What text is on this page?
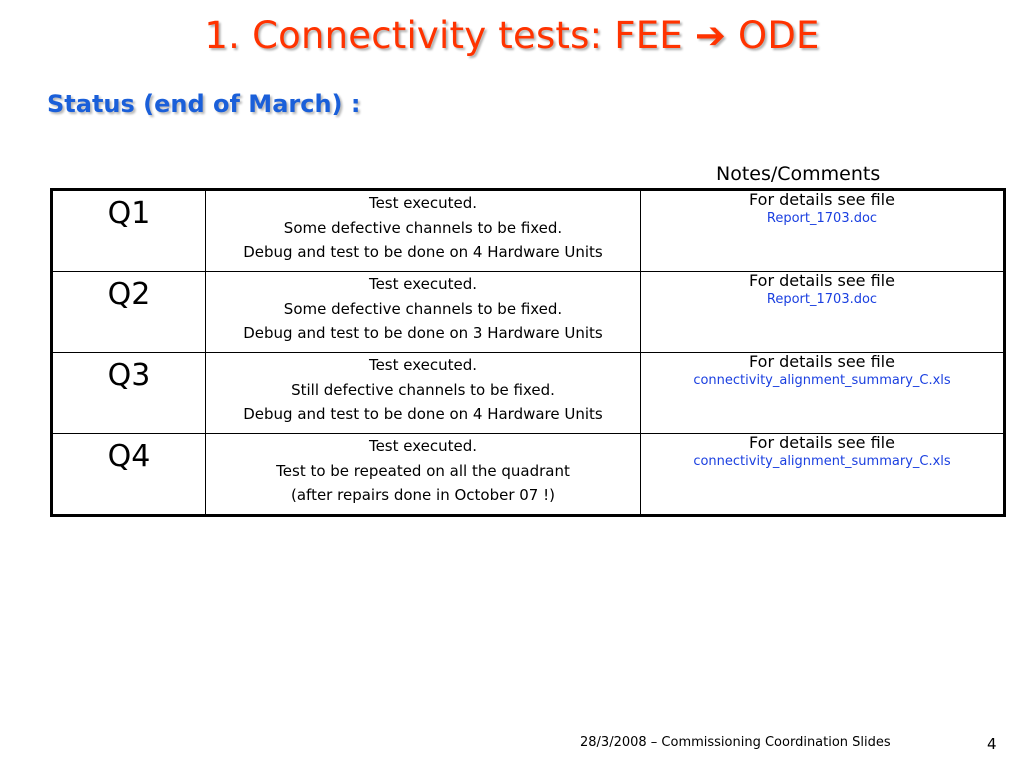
1. Connectivity tests: FEE ➔ ODE
Status (end of March) :
Notes/Comments
Q1	Test executed.
Some defective channels to be fixed.
Debug and test to be done on 4 Hardware Units	For details see file
Report_1703.doc

Q2	Test executed.
Some defective channels to be fixed.
Debug and test to be done on 3 Hardware Units	For details see file
Report_1703.doc

Q3	Test executed.
Still defective channels to be fixed.
Debug and test to be done on 4 Hardware Units	For details see file
connectivity_alignment_summary_C.xls

Q4	Test executed.
Test to be repeated on all the quadrant
(after repairs done in October 07 !)	For details see file
connectivity_alignment_summary_C.xls
28/3/2008 – Commissioning Coordination Slides	4
